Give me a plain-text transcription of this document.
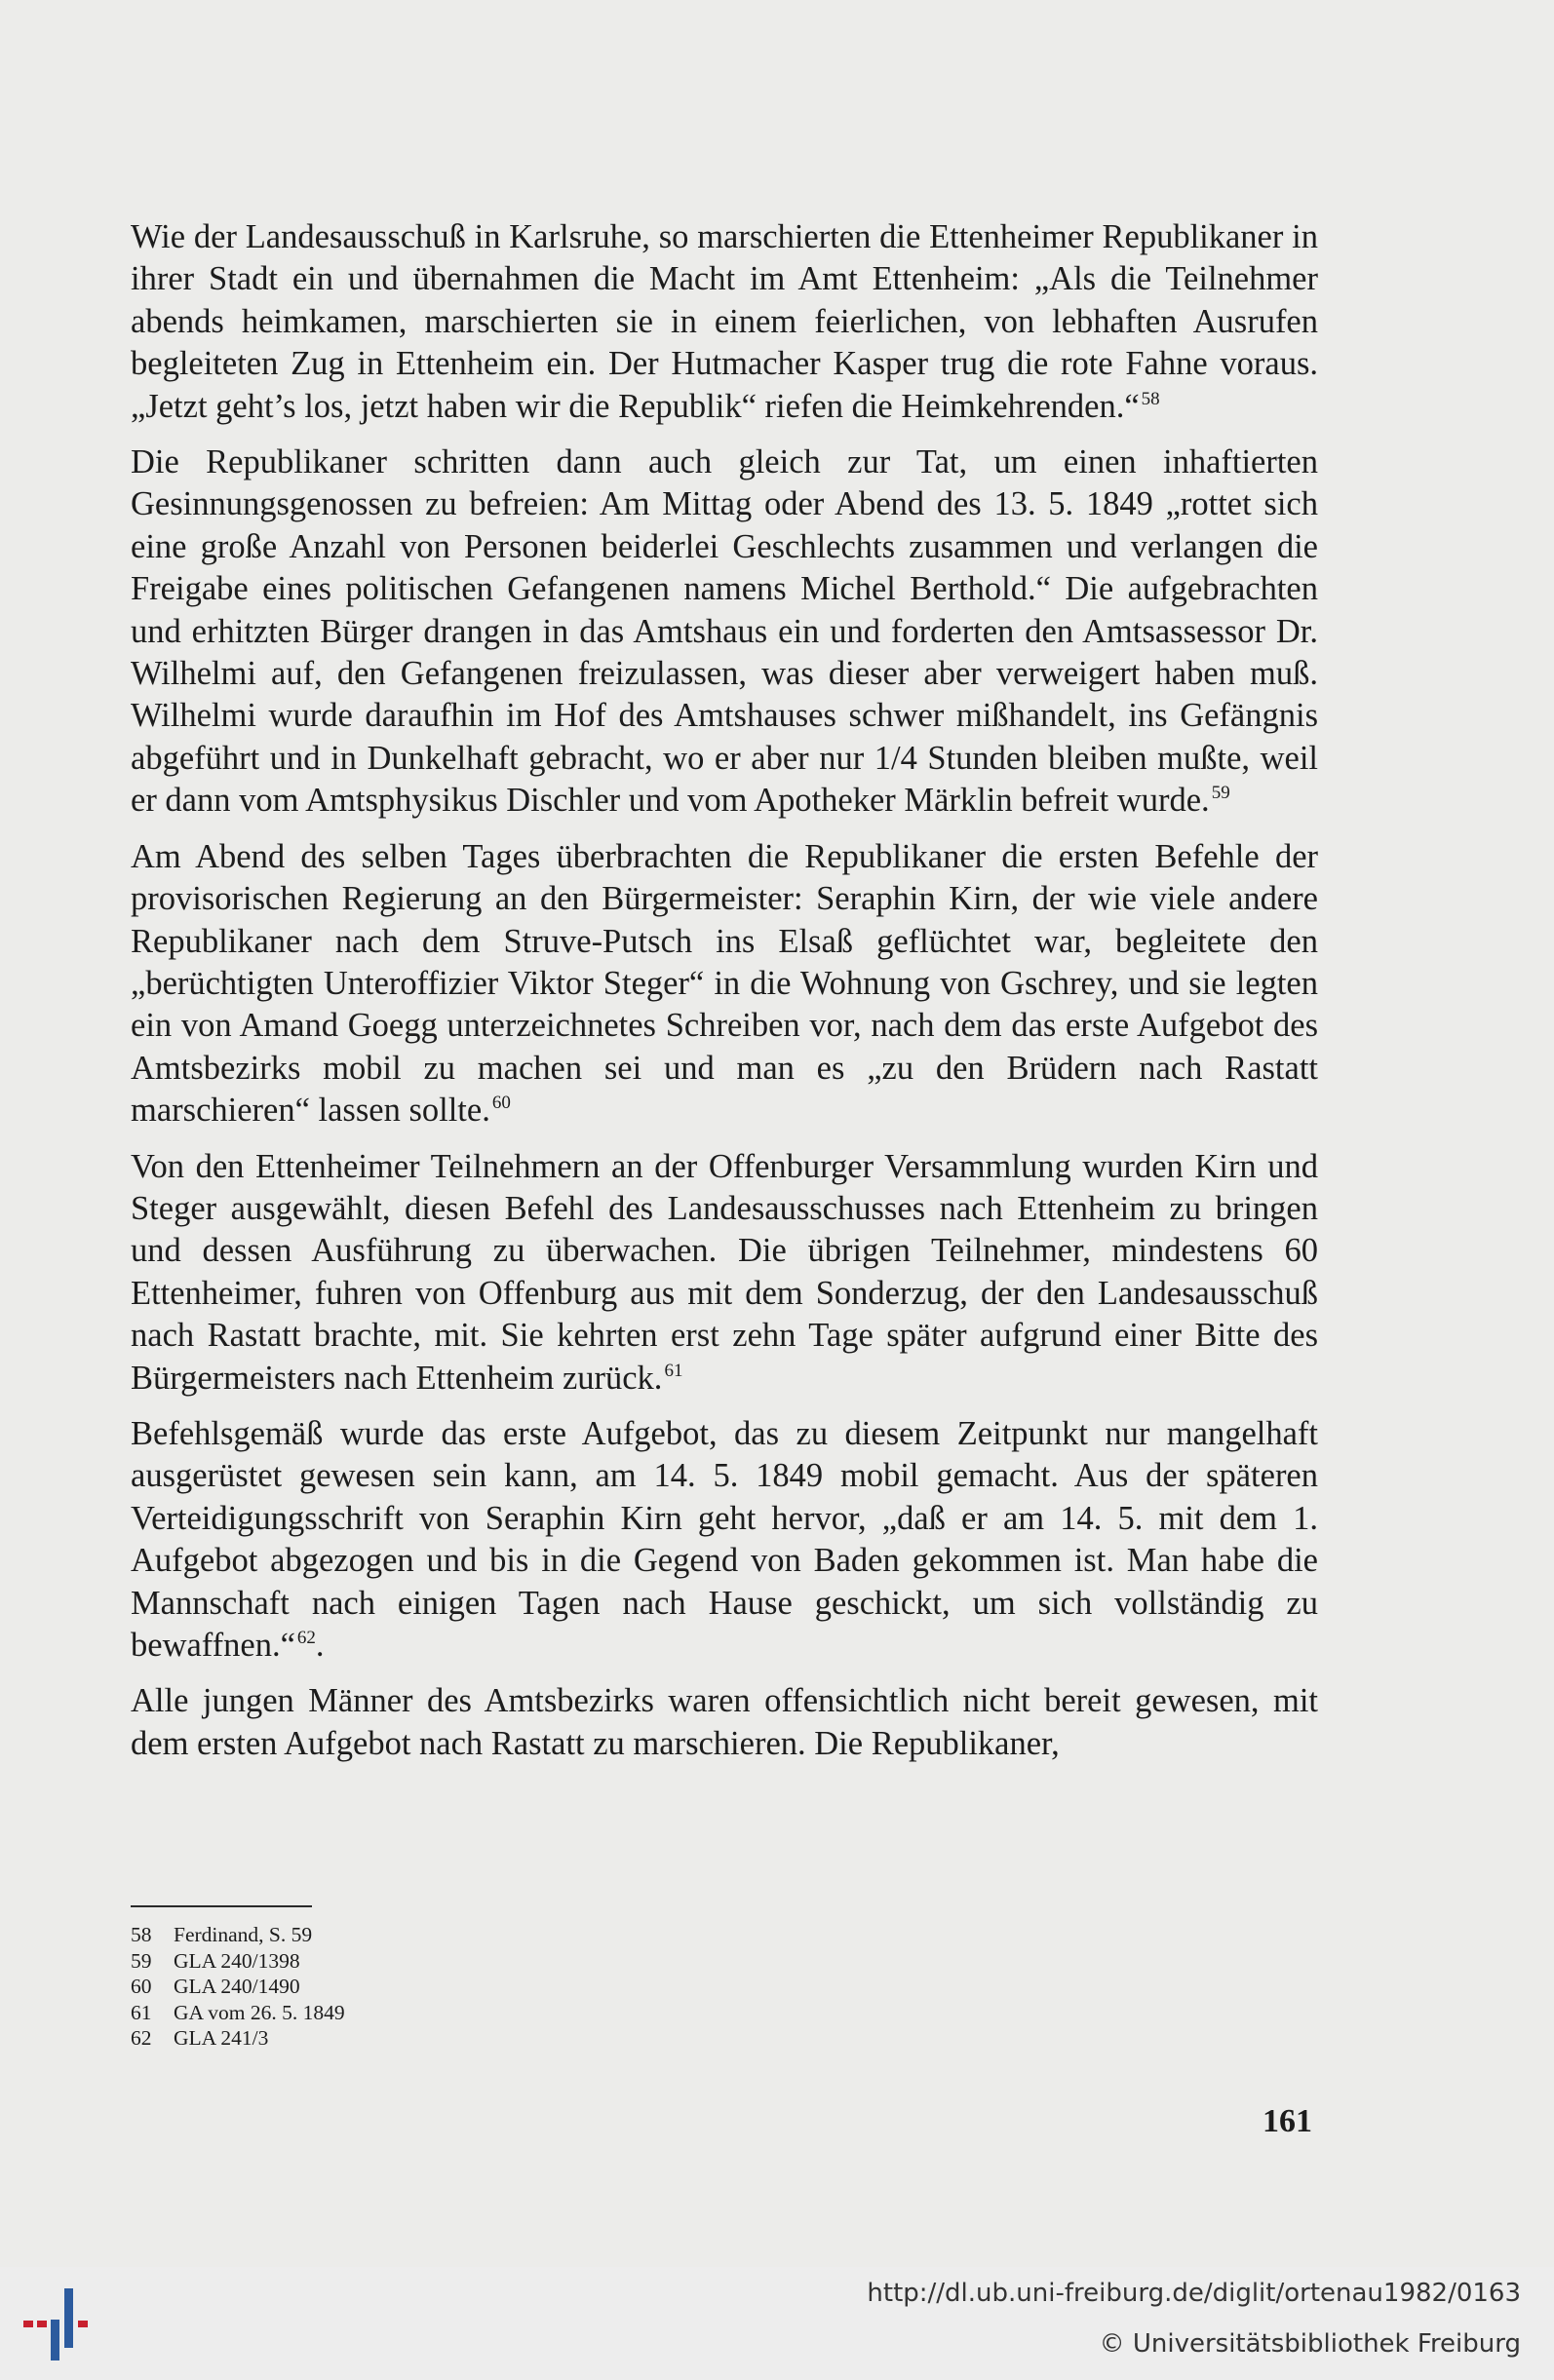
Wie der Landesausschuß in Karlsruhe, so marschierten die Ettenheimer Republikaner in ihrer Stadt ein und übernahmen die Macht im Amt Ettenheim: „Als die Teilnehmer abends heimkamen, marschierten sie in einem feierlichen, von lebhaften Ausrufen begleiteten Zug in Ettenheim ein. Der Hutmacher Kasper trug die rote Fahne voraus. „Jetzt geht’s los, jetzt haben wir die Republik“ riefen die Heimkehrenden.“ $^{58}$

Die Republikaner schritten dann auch gleich zur Tat, um einen inhaftierten Gesinnungsgenossen zu befreien: Am Mittag oder Abend des 13. 5. 1849 „rottet sich eine große Anzahl von Personen beiderlei Geschlechts zusammen und verlangen die Freigabe eines politischen Gefangenen namens Michel Berthold.“ Die aufgebrachten und erhitzten Bürger drangen in das Amtshaus ein und forderten den Amtsassessor Dr. Wilhelmi auf, den Gefangenen freizulassen, was dieser aber verweigert haben muß. Wilhelmi wurde daraufhin im Hof des Amtshauses schwer mißhandelt, ins Gefängnis abgeführt und in Dunkelhaft gebracht, wo er aber nur 1/4 Stunden bleiben mußte, weil er dann vom Amtsphysikus Dischler und vom Apotheker Märklin befreit wurde. $^{59}$

Am Abend des selben Tages überbrachten die Republikaner die ersten Befehle der provisorischen Regierung an den Bürgermeister: Seraphin Kirn, der wie viele andere Republikaner nach dem Struve-Putsch ins Elsaß geflüchtet war, begleitete den „berüchtigten Unteroffizier Viktor Steger“ in die Wohnung von Gschrey, und sie legten ein von Amand Goegg unterzeichnetes Schreiben vor, nach dem das erste Aufgebot des Amtsbezirks mobil zu machen sei und man es „zu den Brüdern nach Rastatt marschieren“ lassen sollte. $^{60}$

Von den Ettenheimer Teilnehmern an der Offenburger Versammlung wurden Kirn und Steger ausgewählt, diesen Befehl des Landesausschusses nach Ettenheim zu bringen und dessen Ausführung zu überwachen. Die übrigen Teilnehmer, mindestens 60 Ettenheimer, fuhren von Offenburg aus mit dem Sonderzug, der den Landesausschuß nach Rastatt brachte, mit. Sie kehrten erst zehn Tage später aufgrund einer Bitte des Bürgermeisters nach Ettenheim zurück. $^{61}$

Befehlsgemäß wurde das erste Aufgebot, das zu diesem Zeitpunkt nur mangelhaft ausgerüstet gewesen sein kann, am 14. 5. 1849 mobil gemacht. Aus der späteren Verteidigungsschrift von Seraphin Kirn geht hervor, „daß er am 14. 5. mit dem 1. Aufgebot abgezogen und bis in die Gegend von Baden gekommen ist. Man habe die Mannschaft nach einigen Tagen nach Hause geschickt, um sich vollständig zu bewaffnen.“ $^{62}$.

Alle jungen Männer des Amtsbezirks waren offensichtlich nicht bereit gewesen, mit dem ersten Aufgebot nach Rastatt zu marschieren. Die Republikaner,

58	Ferdinand, S. 59
59	GLA 240/1398
60	GLA 240/1490
61	GA vom 26. 5. 1849
62	GLA 241/3
161
http://dl.ub.uni-freiburg.de/diglit/ortenau1982/0163
© Universitätsbibliothek Freiburg
